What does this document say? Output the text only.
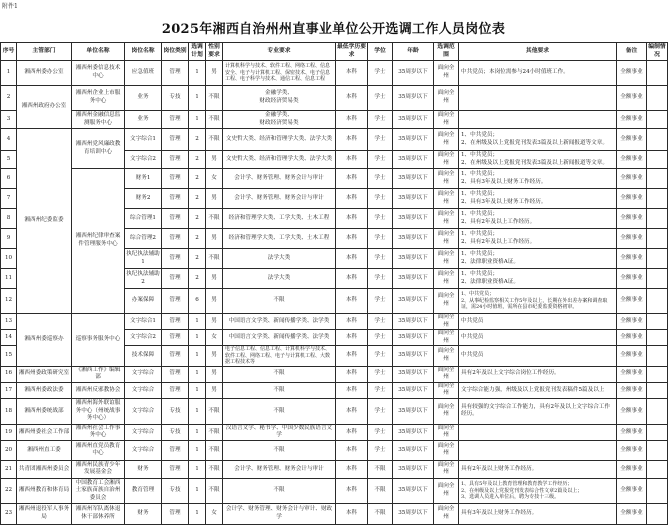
附件1
2025年湘西自治州州直事业单位公开选调工作人员岗位表
序号	主管部门	单位名称	岗位名称	岗位类别	选调计划	性别要求	专业要求	最低学历要求	学位	年龄	选调范围	其他要求	备注	编制情况
1	湘西州委办公室	湘西州委信息技术中心	应急值班	管理	1	男	计算机科学与技术、软件工程、网络工程、信息安全、电子与计算机工程、保密技术、电子信息工程、电子科学与技术、通信工程、信息工程	本科	学士	35周岁以下	面向全州	中共党员；本岗位需参与24小时值班工作。	全额事业	
2	湘西州政府办公室	湘西州企业上市服务中心	业务	专技	1	不限	金融学类、
财政经济贸易类	本科	学士	35周岁以下	面向全州		全额事业	
3		湘西州金融信息监测服务中心	业务	管理	1	不限	金融学类、
财政经济贸易类	本科	学士	35周岁以下	面向全州		全额事业	
4	湘西州纪委监委	湘西州党风廉政教育培训中心	文字综合1	管理	2	不限	文史哲大类、经济和管理学大类、法学大类	本科	学士	35周岁以下	面向全州	1、中共党员；
2、在州级及以上党报党刊发表3篇及以上新闻报道等文章。	全额事业	
5			文字综合2	管理	2	男	文史哲大类、经济和管理学大类、法学大类	本科	学士	35周岁以下	面向全州	1、中共党员；
2、在州级及以上党报党刊发表3篇及以上新闻报道等文章。	全额事业	
6		湘西州纪律审查案件管理服务中心	财务1	管理	2	女	会计学、财务管理、财务会计与审计	本科	学士	35周岁以下	面向全州	1、中共党员；
2、具有3年及以上财务工作经历。	全额事业	
7			财务2	管理	2	男	会计学、财务管理、财务会计与审计	本科	学士	35周岁以下	面向全州	1、中共党员；
2、具有3年及以上财务工作经历。	全额事业	
8			综合管理1	管理	2	不限	经济和管理学大类、工学大类、土木工程	本科	学士	35周岁以下	面向全州	1、中共党员；
2、具有2年及以上工作经历。	全额事业	
9			综合管理2	管理	2	男	经济和管理学大类、工学大类、土木工程	本科	学士	35周岁以下	面向全州	1、中共党员；
2、具有2年及以上工作经历。	全额事业	
10			执纪执法辅助1	管理	2	不限	法学大类	本科	学士	35周岁以下	面向全州	1、中共党员；
2、法律职业资格A证。	全额事业	
11			执纪执法辅助2	管理	2	男	法学大类	本科	学士	35周岁以下	面向全州	1、中共党员；
2、法律职业资格A证。	全额事业	
12			办案保障	管理	6	男	不限	本科	学士	35周岁以下	面向全州	1、中共党员；
2、从事纪检监察相关工作5年及以上，长期在外出差办案和调查取证，需24小时值班，需所在县市纪委监委资格初审。	全额事业	
13	湘西州委巡察办	巡察事务服务中心	文字综合1	管理	1	男	中国语言文学类、新闻传播学类、法学类	本科	学士	35周岁以下	面向全州	中共党员	全额事业	
14			文字综合2	管理	1	女	中国语言文学类、新闻传播学类、法学类	本科	学士	35周岁以下	面向全州	中共党员	全额事业	
15			技术保障	管理	1	男	电子信息工程、信息工程、计算机科学与技术、软件工程、网络工程、电子与计算机工程、大数据工程技术等	本科	学士	35周岁以下	面向全州	中共党员	全额事业	
16	湘西州委政策研究室	《湘西工作》编辑部	文字综合	管理	1	男	不限	本科	学士	35周岁以下	面向全州	具有2年及以上文字综合岗位工作经历。	全额事业	
17	湘西州委政法委	湘西州反邪教协会	文字综合	管理	1	男	不限	本科	学士	35周岁以下	面向全州	文字综合能力强，州级及以上党报党刊发表稿件5篇及以上	全额事业	
18	湘西州委统战部	湘西州海外联谊服务中心（州统战事务中心）	文字综合	专技	1	不限	不限	本科	学士	35周岁以下	面向全州	具有较强的文字综合工作能力，具有2年及以上文字综合工作经历。	全额事业	
19	湘西州委社会工作部	湘西州社会工作事务中心	文字综合	专技	1	不限	汉语言文学、秘书学、中国少数民族语言文学	本科	学士	35周岁以下	面向全州		全额事业	
20	湘西州直工委	湘西州直党员教育中心	文字综合	管理	1	不限	不限	本科	学士	35周岁以下	面向全州		全额事业	
21	共青团湘西州委员会	湘西州民族青少年发展基金会	财务	管理	1	不限	会计学、财务管理、财务会计与审计	本科	不限	35周岁以下	面向全州	具有2年及以上财务工作经历。	全额事业	
22	湘西州教育和体育局	中国教育工会湘西土家族苗族自治州委员会	教育管理	专技	1	不限	不限	本科	不限	35周岁以下	面向全州	1、具有5年及以上教育管理和教育教学工作经历；
2、在州级及以上党报党刊发表综合性文章2篇及以上；
3、选调人员进入单位后，聘为专技十三级。	全额事业	
23	湘西州退役军人事务局	湘西州军队离休退休干部休养所	财务	管理	1	女	会计学、财务管理、财务会计与审计、财政学	本科	不限	35周岁以下	面向全州	具有3年及以上财务工作经历。	全额事业	
